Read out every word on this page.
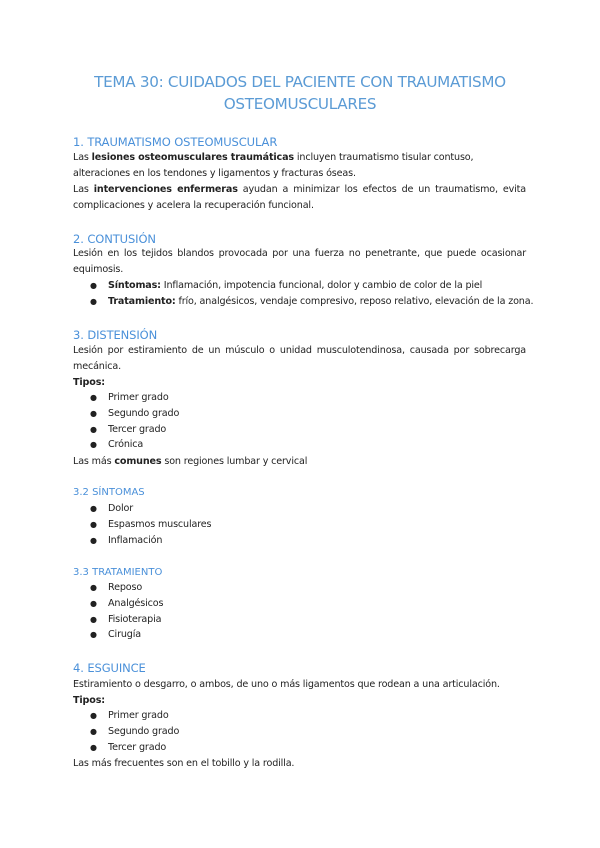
TEMA 30: CUIDADOS DEL PACIENTE CON TRAUMATISMO OSTEOMUSCULARES
1. TRAUMATISMO OSTEOMUSCULAR

Las lesiones osteomusculares traumáticas incluyen traumatismo tisular contuso, alteraciones en los tendones y ligamentos y fracturas óseas.

Las intervenciones enfermeras ayudan a minimizar los efectos de un traumatismo, evita complicaciones y acelera la recuperación funcional.

2. CONTUSIÓN

Lesión en los tejidos blandos provocada por una fuerza no penetrante, que puede ocasionar equimosis.

● Síntomas: Inflamación, impotencia funcional, dolor y cambio de color de la piel
● Tratamiento: frío, analgésicos, vendaje compresivo, reposo relativo, elevación de la zona.
3. DISTENSIÓN

Lesión por estiramiento de un músculo o unidad musculotendinosa, causada por sobrecarga mecánica.

Tipos:

● Primer grado
● Segundo grado
● Tercer grado
● Crónica

Las más comunes son regiones lumbar y cervical

3.2 SÍNTOMAS
● Dolor
● Espasmos musculares
● Inflamación
3.3 TRATAMIENTO
● Reposo
● Analgésicos
● Fisioterapia
● Cirugía
4. ESGUINCE

Estiramiento o desgarro, o ambos, de uno o más ligamentos que rodean a una articulación.

Tipos:

● Primer grado
● Segundo grado
● Tercer grado

Las más frecuentes son en el tobillo y la rodilla.
